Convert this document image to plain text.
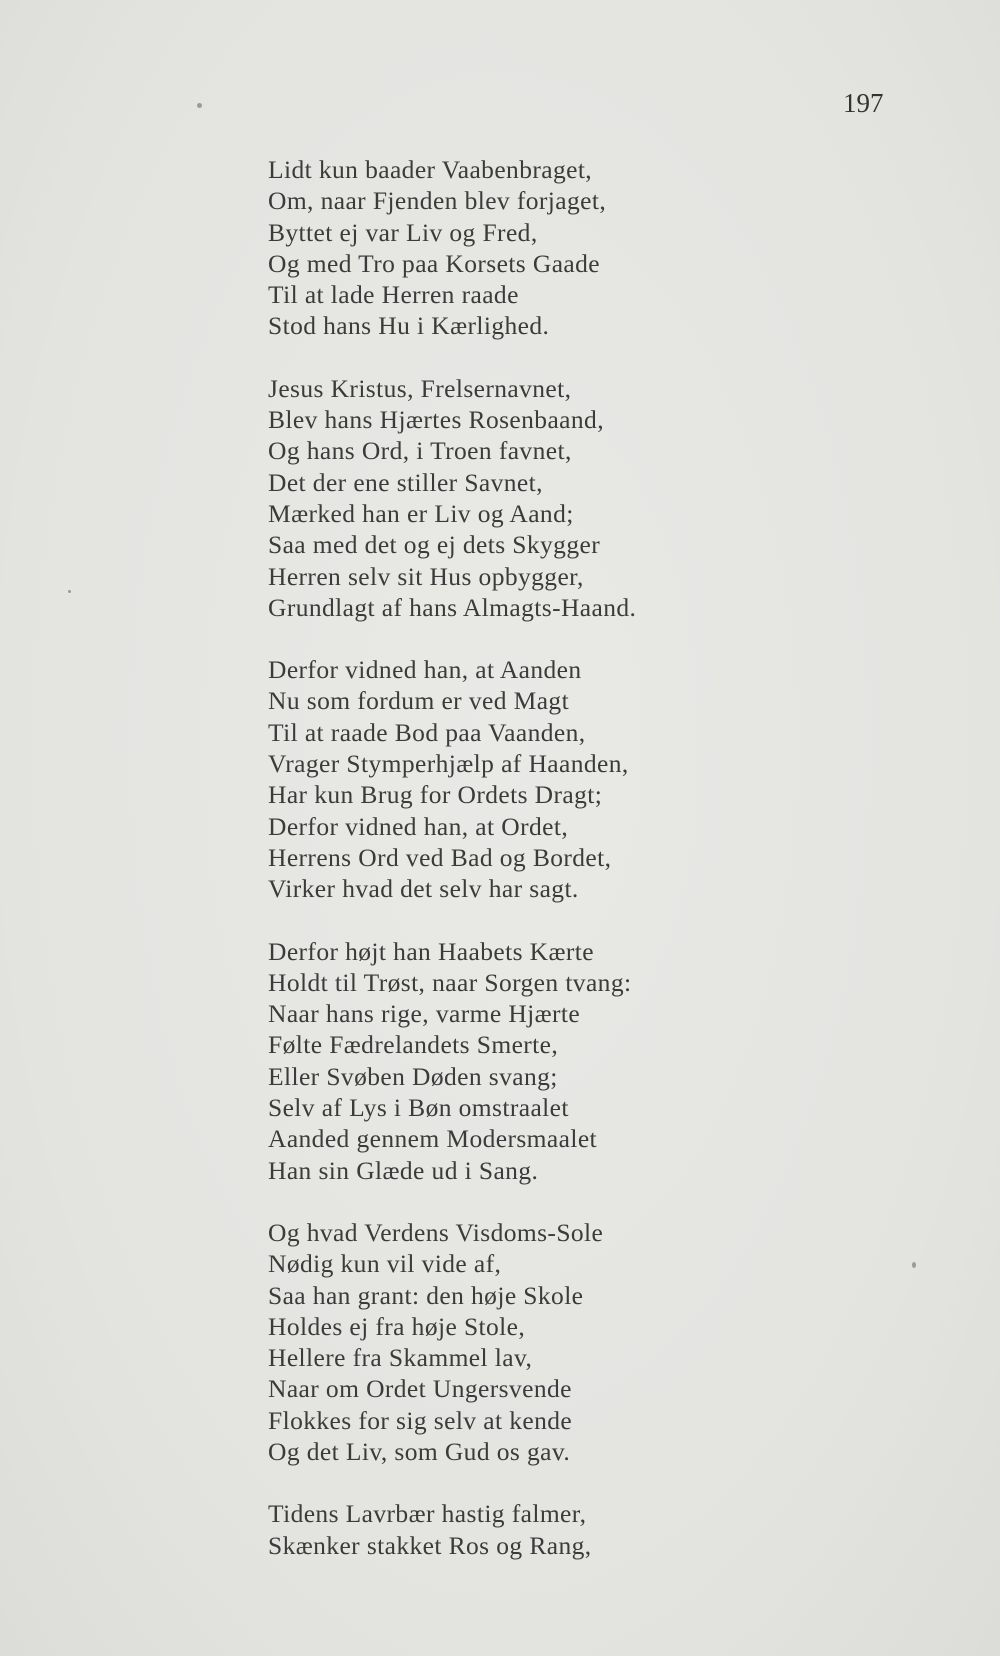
197
Lidt kun baader Vaabenbraget,
Om, naar Fjenden blev forjaget,
Byttet ej var Liv og Fred,
Og med Tro paa Korsets Gaade
Til at lade Herren raade
Stod hans Hu i Kærlighed.
Jesus Kristus, Frelsernavnet,
Blev hans Hjærtes Rosenbaand,
Og hans Ord, i Troen favnet,
Det der ene stiller Savnet,
Mærked han er Liv og Aand;
Saa med det og ej dets Skygger
Herren selv sit Hus opbygger,
Grundlagt af hans Almagts-Haand.
Derfor vidned han, at Aanden
Nu som fordum er ved Magt
Til at raade Bod paa Vaanden,
Vrager Stymperhjælp af Haanden,
Har kun Brug for Ordets Dragt;
Derfor vidned han, at Ordet,
Herrens Ord ved Bad og Bordet,
Virker hvad det selv har sagt.
Derfor højt han Haabets Kærte
Holdt til Trøst, naar Sorgen tvang:
Naar hans rige, varme Hjærte
Følte Fædrelandets Smerte,
Eller Svøben Døden svang;
Selv af Lys i Bøn omstraalet
Aanded gennem Modersmaalet
Han sin Glæde ud i Sang.
Og hvad Verdens Visdoms-Sole
Nødig kun vil vide af,
Saa han grant: den høje Skole
Holdes ej fra høje Stole,
Hellere fra Skammel lav,
Naar om Ordet Ungersvende
Flokkes for sig selv at kende
Og det Liv, som Gud os gav.
Tidens Lavrbær hastig falmer,
Skænker stakket Ros og Rang,
